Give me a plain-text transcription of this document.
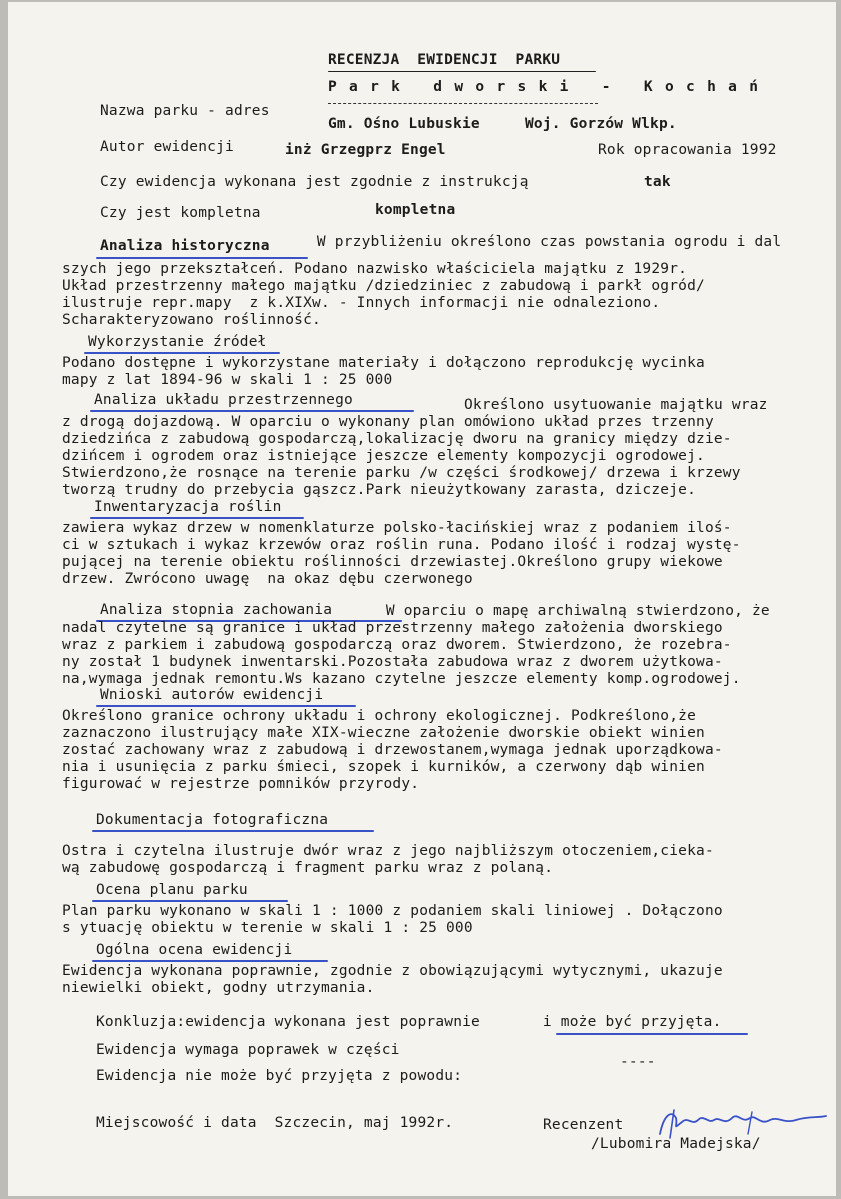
RECENZJA  EWIDENCJI  PARKU
P a r k   d w o r s k i   -   K o c h a ń
Nazwa parku - adres
Gm. Ośno Lubuskie	Woj. Gorzów Wlkp.
Autor ewidencji	inż Grzegprz Engel	Rok opracowania 1992
Czy ewidencja wykonana jest zgodnie z instrukcją	tak
Czy jest kompletna	kompletna
Analiza historyczna	W przybliżeniu określono czas powstania ogrodu i dal
szych jego przekształceń. Podano nazwisko właściciela majątku z 1929r.
Układ przestrzenny małego majątku /dziedziniec z zabudową i parkł ogród/
ilustruje repr.mapy  z k.XIXw. - Innych informacji nie odnaleziono.
Scharakteryzowano roślinność.
Wykorzystanie źródeł
Podano dostępne i wykorzystane materiały i dołączono reprodukcję wycinka
mapy z lat 1894-96 w skali 1 : 25 000
Analiza układu przestrzennego	Określono usytuowanie majątku wraz
z drogą dojazdową. W oparciu o wykonany plan omówiono układ przes trzenny
dziedzińca z zabudową gospodarczą,lokalizację dworu na granicy między dzie-
dzińcem i ogrodem oraz istniejące jeszcze elementy kompozycji ogrodowej.
Stwierdzono,że rosnące na terenie parku /w części środkowej/ drzewa i krzewy
tworzą trudny do przebycia gąszcz.Park nieużytkowany zarasta, dziczeje.
Inwentaryzacja roślin
zawiera wykaz drzew w nomenklaturze polsko-łacińskiej wraz z podaniem iloś-
ci w sztukach i wykaz krzewów oraz roślin runa. Podano ilość i rodzaj wystę-
pującej na terenie obiektu roślinności drzewiastej.Określono grupy wiekowe
drzew. Zwrócono uwagę  na okaz dębu czerwonego
Analiza stopnia zachowania W oparciu o mapę archiwalną stwierdzono, że
nadal czytelne są granice i układ przestrzenny małego założenia dworskiego
wraz z parkiem i zabudową gospodarczą oraz dworem. Stwierdzono, że rozebra-
ny został 1 budynek inwentarski.Pozostała zabudowa wraz z dworem użytkowa-
na,wymaga jednak remontu.Ws kazano czytelne jeszcze elementy komp.ogrodowej.
Wnioski autorów ewidencji
Określono granice ochrony układu i ochrony ekologicznej. Podkreślono,że
zaznaczono ilustrujący małe XIX-wieczne założenie dworskie obiekt winien
zostać zachowany wraz z zabudową i drzewostanem,wymaga jednak uporządkowa-
nia i usunięcia z parku śmieci, szopek i kurników, a czerwony dąb winien
figurować w rejestrze pomników przyrody.
Dokumentacja fotograficzna
Ostra i czytelna ilustruje dwór wraz z jego najbliższym otoczeniem,cieka-
wą zabudowę gospodarczą i fragment parku wraz z polaną.
Ocena planu parku
Plan parku wykonano w skali 1 : 1000 z podaniem skali liniowej . Dołączono
s ytuację obiektu w terenie w skali 1 : 25 000
Ogólna ocena ewidencji
Ewidencja wykonana poprawnie, zgodnie z obowiązującymi wytycznymi, ukazuje
niewielki obiekt, godny utrzymania.
Konkluzja:ewidencja wykonana jest poprawnie	i może być przyjęta.
Ewidencja wymaga poprawek w części
Ewidencja nie może być przyjęta z powodu:
----
Miejscowość i data  Szczecin, maj 1992r.	Recenzent
/Lubomira Madejska/
